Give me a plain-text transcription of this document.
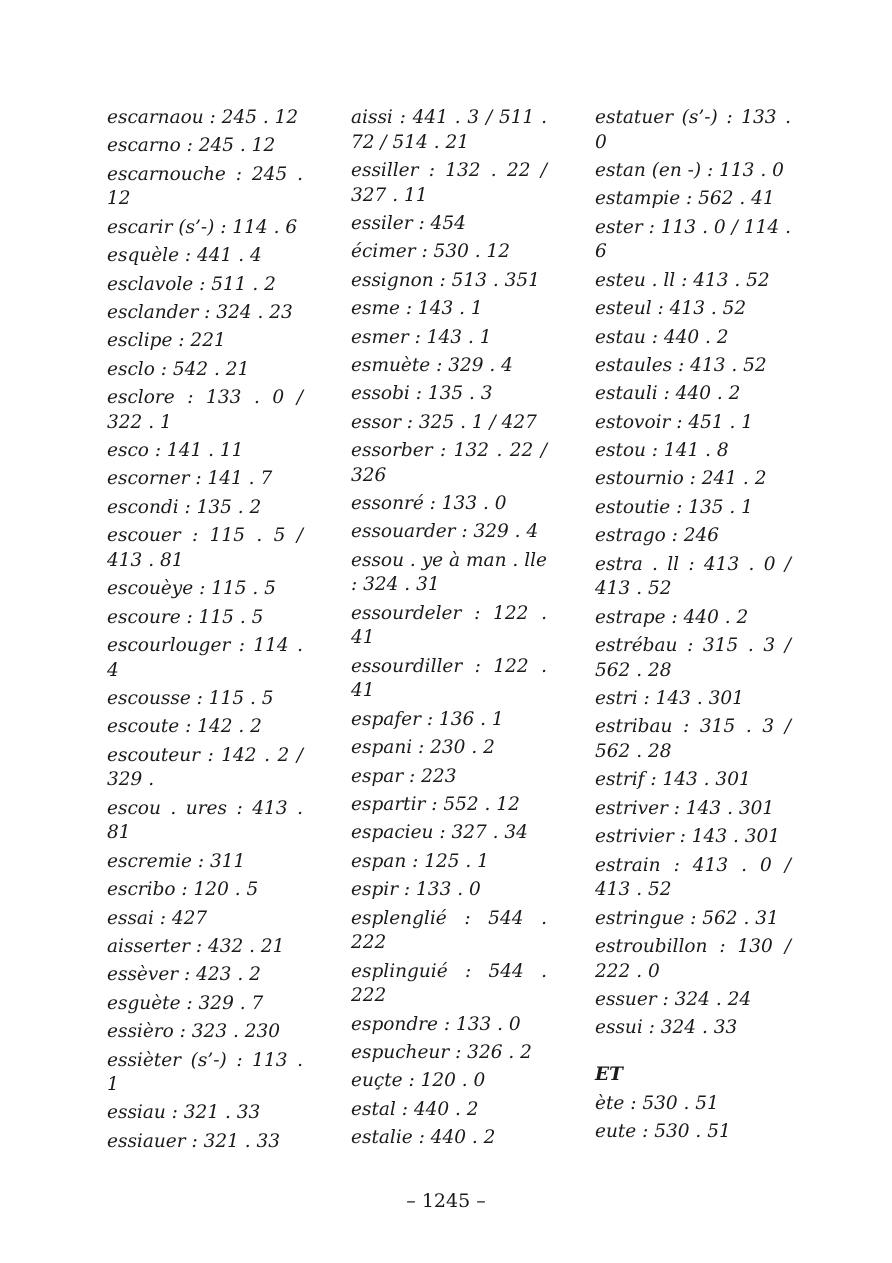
escarnaou : 245 . 12
escarno : 245 . 12
escarnouche : 245 . 12
escarir (s’-) : 114 . 6
esquèle : 441 . 4
esclavole : 511 . 2
esclander : 324 . 23
esclipe : 221
esclo : 542 . 21
esclore : 133 . 0 / 322 . 1
esco : 141 . 11
escorner : 141 . 7
escondi : 135 . 2
escouer : 115 . 5 / 413 . 81
escouèye : 115 . 5
escoure : 115 . 5
escourlouger : 114 . 4
escousse : 115 . 5
escoute : 142 . 2
escouteur : 142 . 2 / 329 .
escou . ures : 413 . 81
escremie : 311
escribo : 120 . 5
essai : 427
aisserter : 432 . 21
essèver : 423 . 2
esguète : 329 . 7
essièro : 323 . 230
essièter (s’-) : 113 . 1
essiau : 321 . 33
essiauer : 321 . 33
aissi : 441 . 3 / 511 . 72 / 514 . 21
essiller : 132 . 22 / 327 . 11
essiler : 454
écimer : 530 . 12
essignon : 513 . 351
esme : 143 . 1
esmer : 143 . 1
esmuète : 329 . 4
essobi : 135 . 3
essor : 325 . 1 / 427
essorber : 132 . 22 / 326
essonré : 133 . 0
essouarder : 329 . 4
essou . ye à man . lle : 324 . 31
essourdeler : 122 . 41
essourdiller : 122 . 41
espafer : 136 . 1
espani : 230 . 2
espar : 223
espartir : 552 . 12
espacieu : 327 . 34
espan : 125 . 1
espir : 133 . 0
esplenglié : 544 . 222
esplinguié : 544 . 222
espondre : 133 . 0
espucheur : 326 . 2
euçte : 120 . 0
estal : 440 . 2
estalie : 440 . 2
estatuer (s’-) : 133 . 0
estan (en -) : 113 . 0
estampie : 562 . 41
ester : 113 . 0 / 114 . 6
esteu . ll : 413 . 52
esteul : 413 . 52
estau : 440 . 2
estaules : 413 . 52
estauli : 440 . 2
estovoir : 451 . 1
estou : 141 . 8
estournio : 241 . 2
estoutie : 135 . 1
estrago : 246
estra . ll : 413 . 0 / 413 . 52
estrape : 440 . 2
estrébau : 315 . 3 / 562 . 28
estri : 143 . 301
estribau : 315 . 3 / 562 . 28
estrif : 143 . 301
estriver : 143 . 301
estrivier : 143 . 301
estrain : 413 . 0 / 413 . 52
estringue : 562 . 31
estroubillon : 130 / 222 . 0
essuer : 324 . 24
essui : 324 . 33
ET
ète : 530 . 51
eute : 530 . 51
– 1245 –
